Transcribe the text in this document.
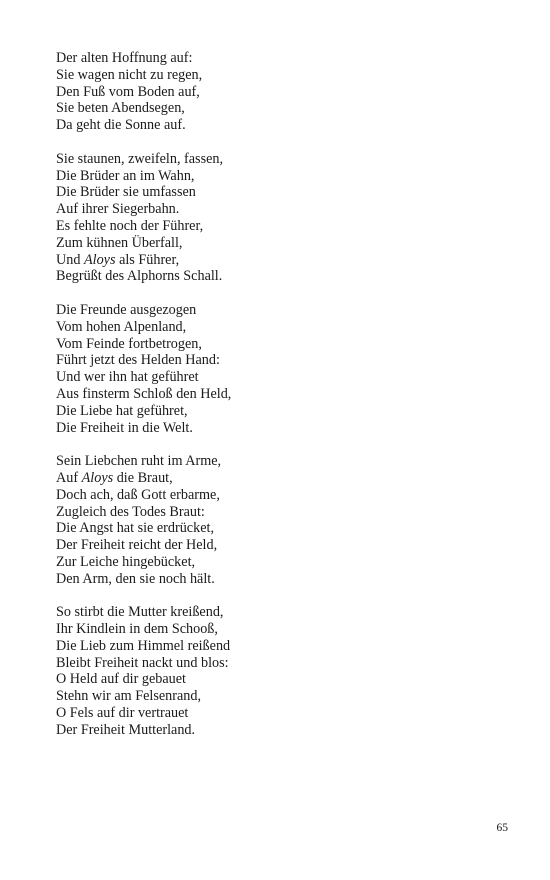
Der alten Hoffnung auf:
Sie wagen nicht zu regen,
Den Fuß vom Boden auf,
Sie beten Abendsegen,
Da geht die Sonne auf.
Sie staunen, zweifeln, fassen,
Die Brüder an im Wahn,
Die Brüder sie umfassen
Auf ihrer Siegerbahn.
Es fehlte noch der Führer,
Zum kühnen Überfall,
Und Aloys als Führer,
Begrüßt des Alphorns Schall.
Die Freunde ausgezogen
Vom hohen Alpenland,
Vom Feinde fortbetrogen,
Führt jetzt des Helden Hand:
Und wer ihn hat geführet
Aus finsterm Schloß den Held,
Die Liebe hat geführet,
Die Freiheit in die Welt.
Sein Liebchen ruht im Arme,
Auf Aloys die Braut,
Doch ach, daß Gott erbarme,
Zugleich des Todes Braut:
Die Angst hat sie erdrücket,
Der Freiheit reicht der Held,
Zur Leiche hingebücket,
Den Arm, den sie noch hält.
So stirbt die Mutter kreißend,
Ihr Kindlein in dem Schooß,
Die Lieb zum Himmel reißend
Bleibt Freiheit nackt und blos:
O Held auf dir gebauet
Stehn wir am Felsenrand,
O Fels auf dir vertrauet
Der Freiheit Mutterland.
65
